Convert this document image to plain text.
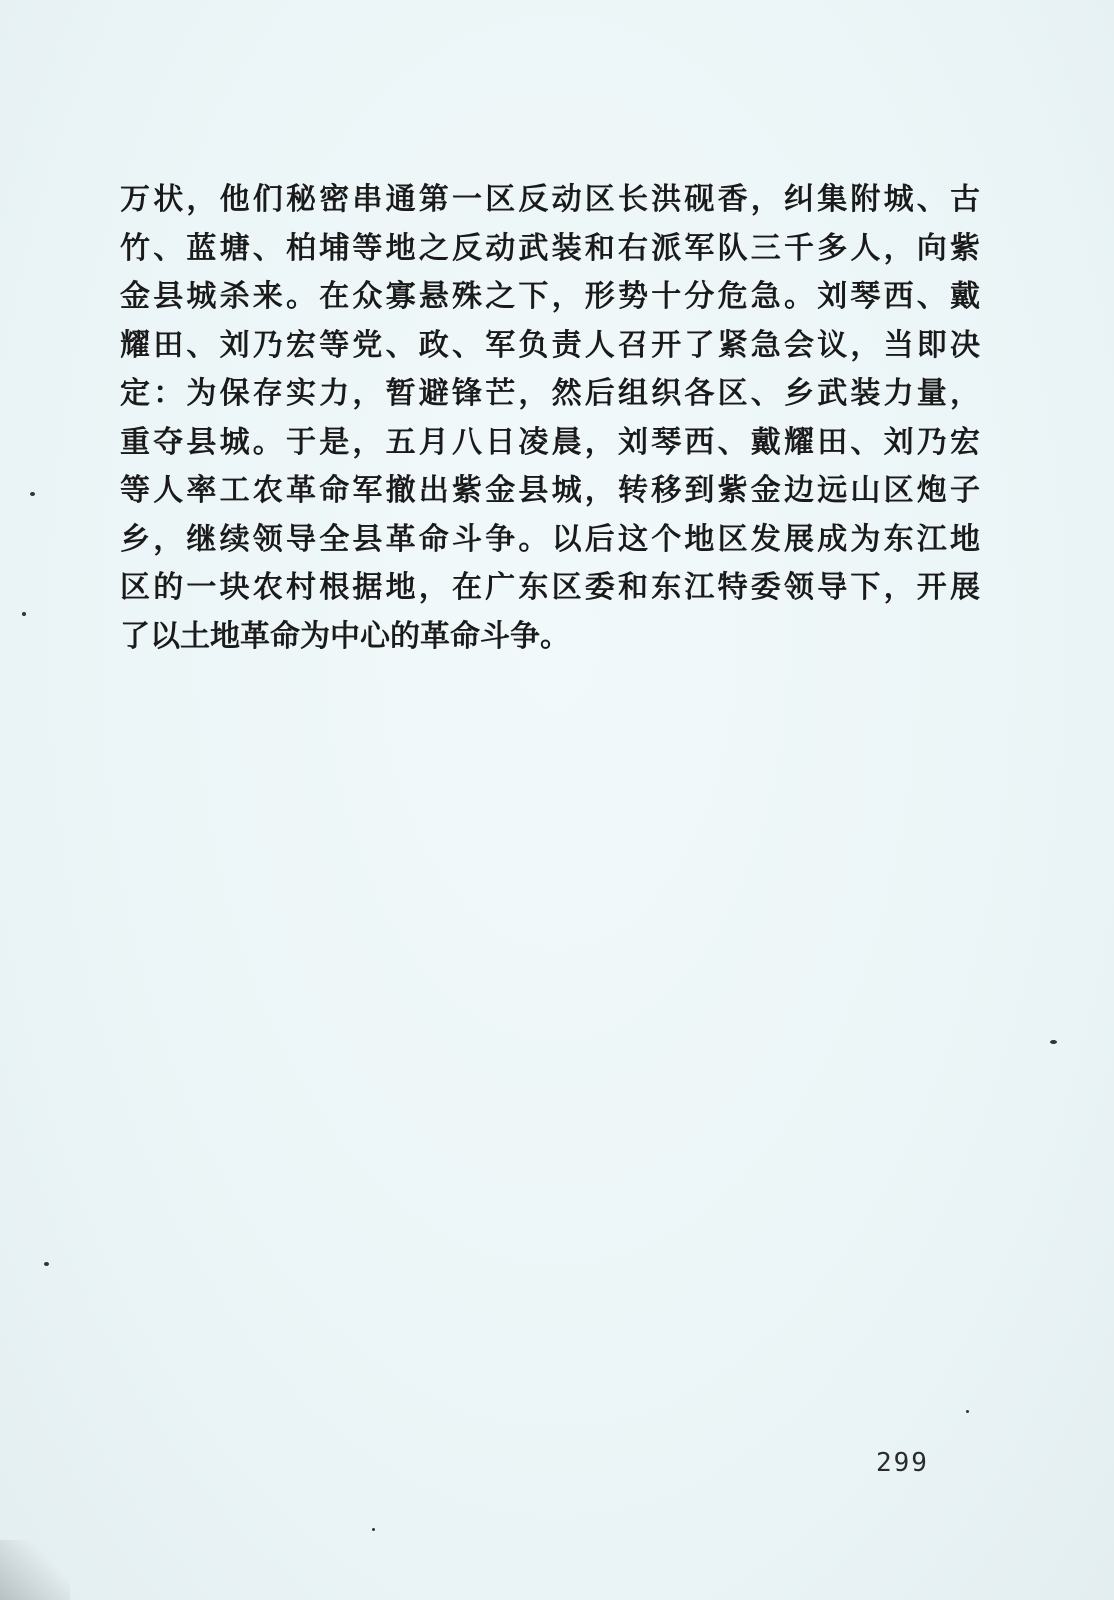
万状，他们秘密串通第一区反动区长洪砚香，纠集附城、古
竹、蓝塘、柏埔等地之反动武装和右派军队三千多人，向紫
金县城杀来。在众寡悬殊之下，形势十分危急。刘琴西、戴
耀田、刘乃宏等党、政、军负责人召开了紧急会议，当即决
定：为保存实力，暂避锋芒，然后组织各区、乡武装力量，
重夺县城。于是，五月八日凌晨，刘琴西、戴耀田、刘乃宏
等人率工农革命军撤出紫金县城，转移到紫金边远山区炮子
乡，继续领导全县革命斗争。以后这个地区发展成为东江地
区的一块农村根据地，在广东区委和东江特委领导下，开展
了以土地革命为中心的革命斗争。
299
